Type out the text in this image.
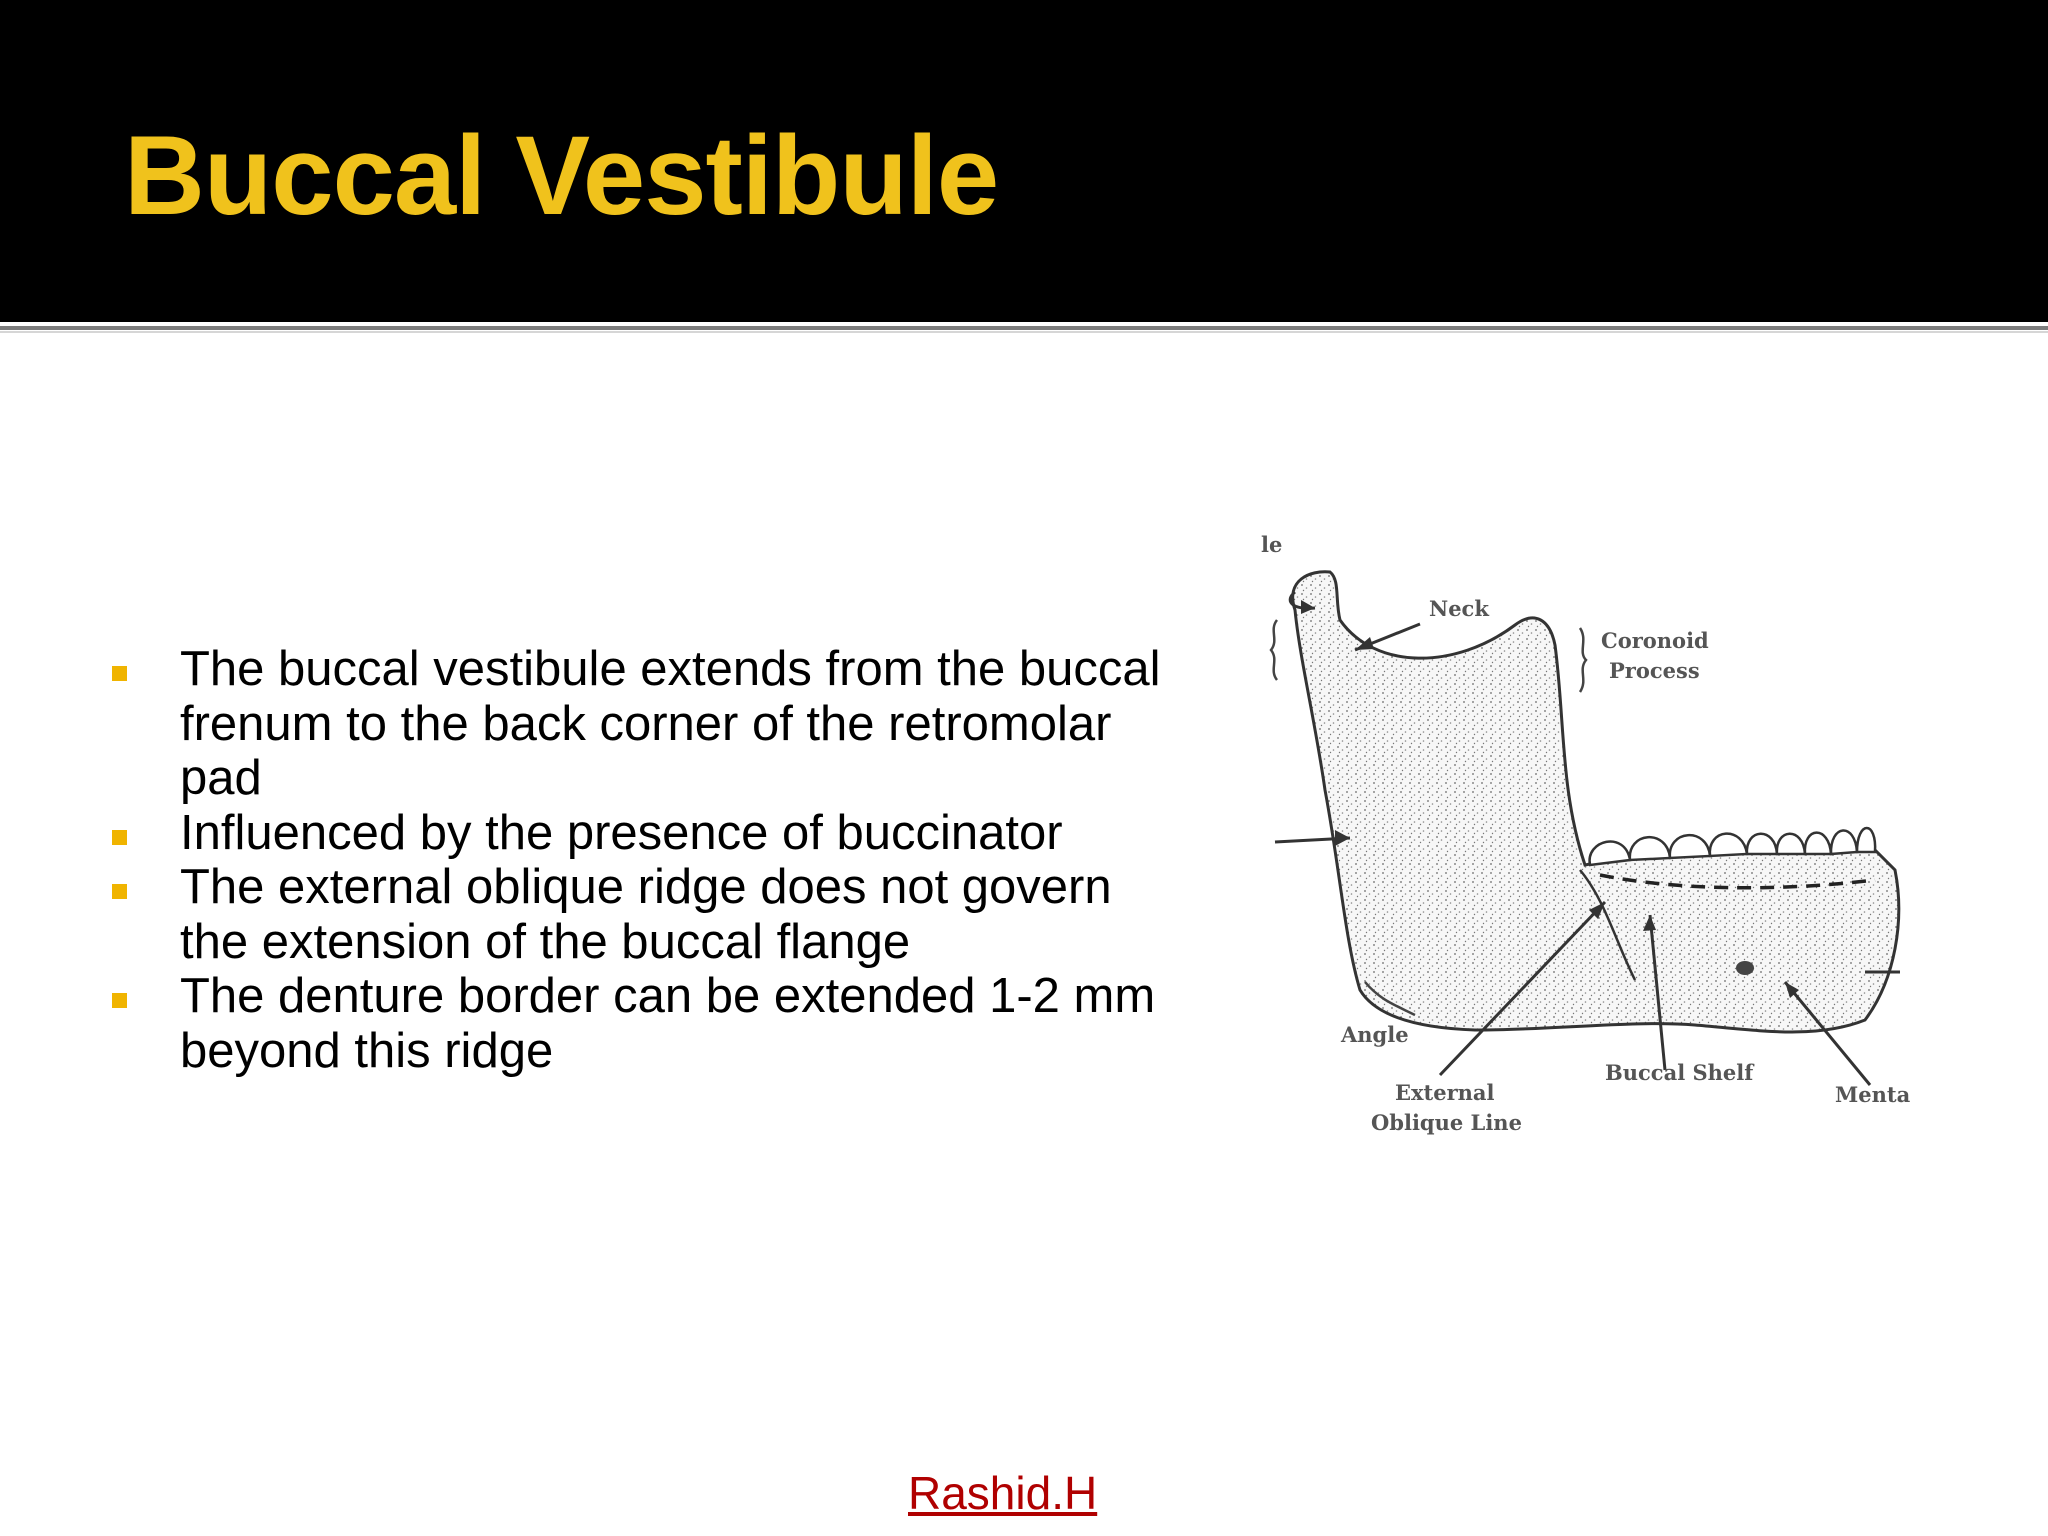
Buccal Vestibule
The buccal vestibule extends from the buccal frenum to the back corner of the retromolar pad
Influenced by the presence of buccinator
The external oblique ridge does not govern the extension of the buccal flange
The denture border can be extended 1-2 mm beyond this ridge
le
Neck
Coronoid
Process
Angle
External
Oblique Line
Buccal Shelf
Menta
Rashid.H
